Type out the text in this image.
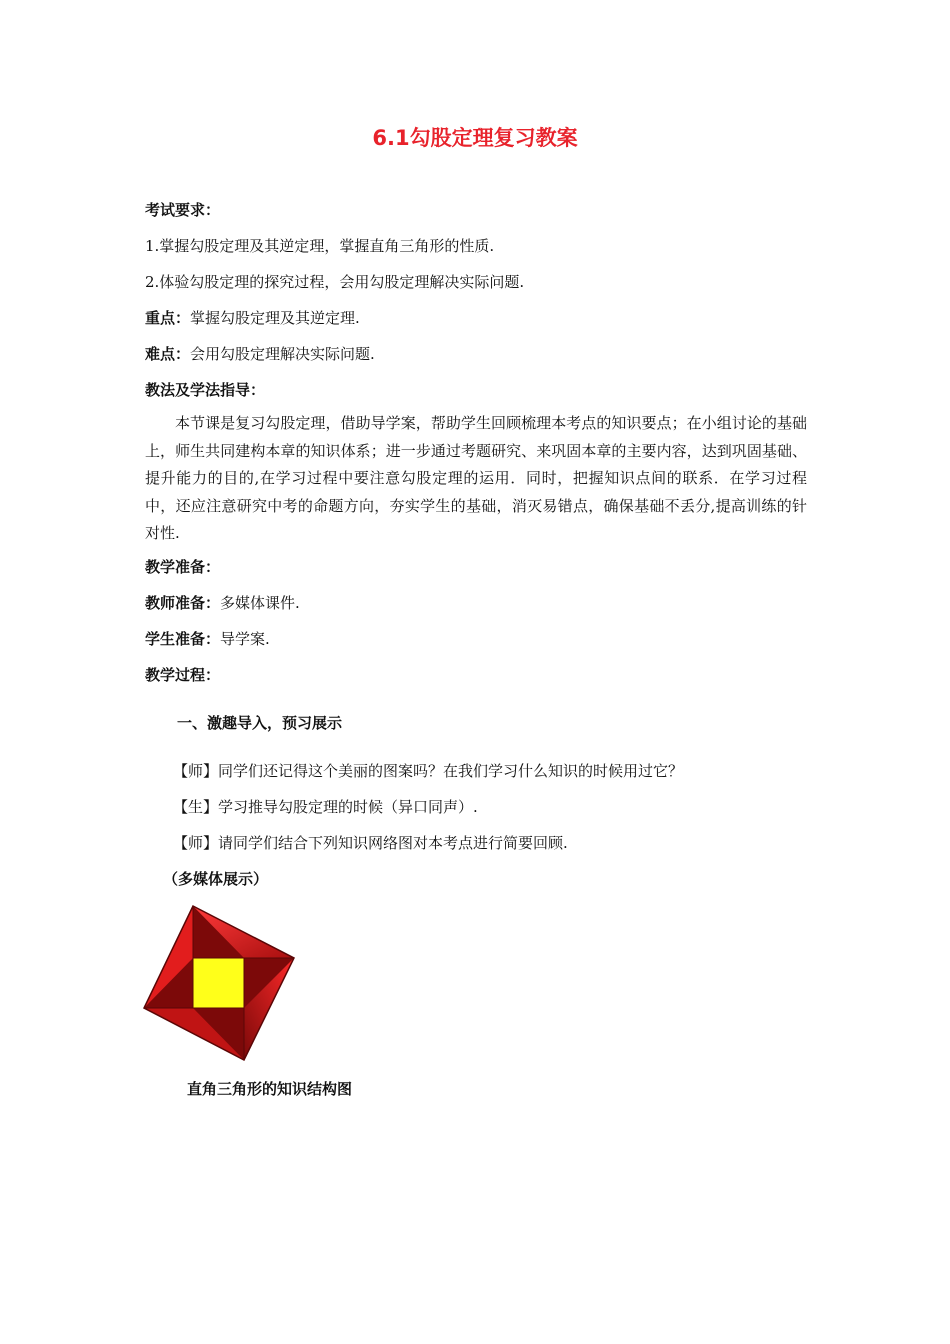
6.1勾股定理复习教案
考试要求：
1.掌握勾股定理及其逆定理，掌握直角三角形的性质.
2.体验勾股定理的探究过程，会用勾股定理解决实际问题.
重点：掌握勾股定理及其逆定理.
难点：会用勾股定理解决实际问题.
教法及学法指导：
本节课是复习勾股定理，借助导学案，帮助学生回顾梳理本考点的知识要点；在小组讨论的基础上，师生共同建构本章的知识体系；进一步通过考题研究、来巩固本章的主要内容，达到巩固基础、提升能力的目的,在学习过程中要注意勾股定理的运用．同时，把握知识点间的联系．在学习过程中，还应注意研究中考的命题方向，夯实学生的基础，消灭易错点，确保基础不丢分,提高训练的针对性.
教学准备：
教师准备：多媒体课件.
学生准备：导学案.
教学过程：
一、激趣导入，预习展示
【师】同学们还记得这个美丽的图案吗？在我们学习什么知识的时候用过它？
【生】学习推导勾股定理的时候（异口同声）.
【师】请同学们结合下列知识网络图对本考点进行简要回顾.
（多媒体展示）
直角三角形的知识结构图
